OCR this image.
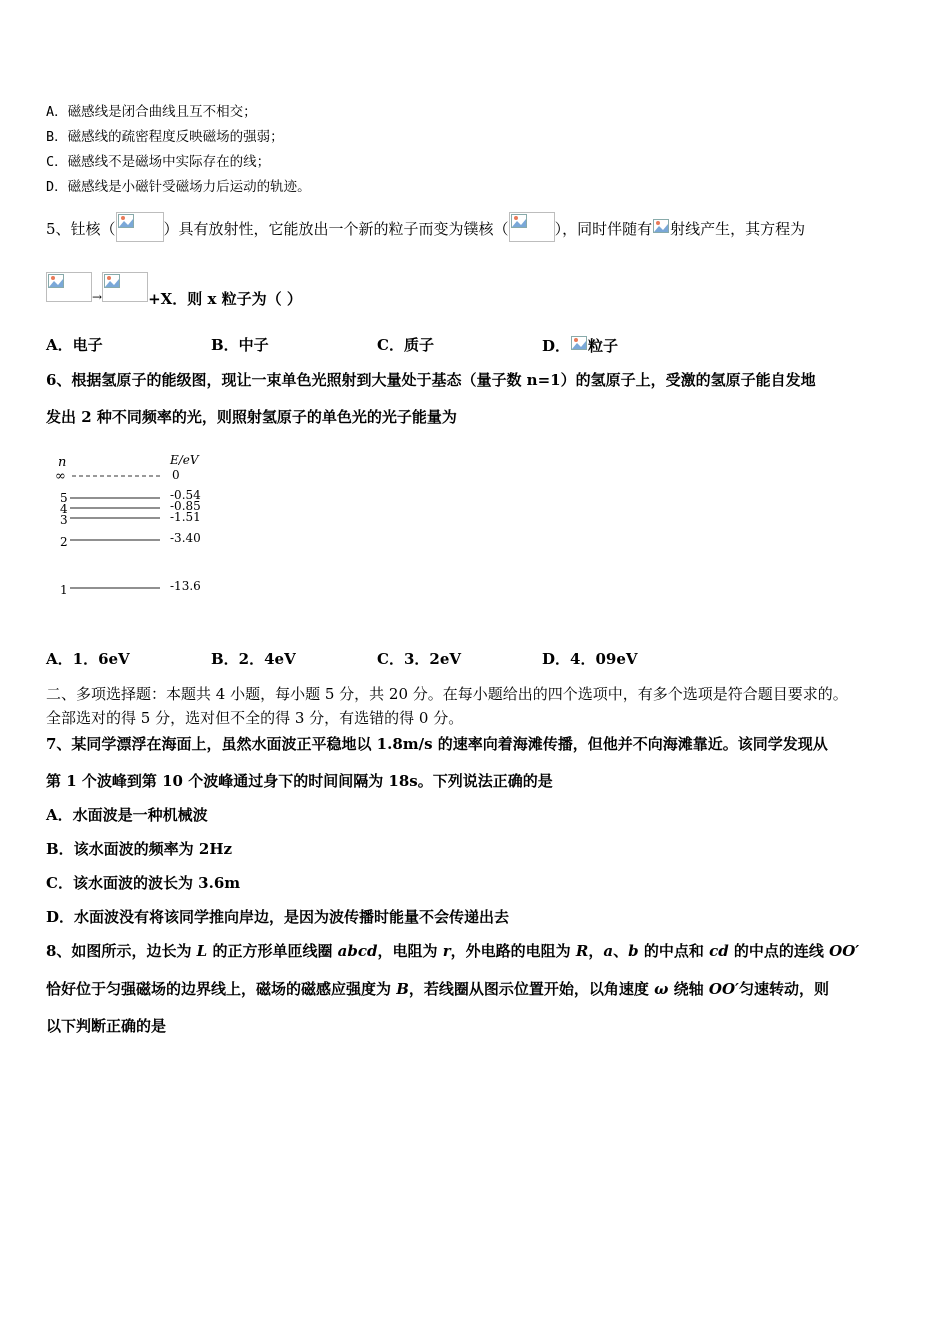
A．磁感线是闭合曲线且互不相交；
B．磁感线的疏密程度反映磁场的强弱；
C．磁感线不是磁场中实际存在的线；
D．磁感线是小磁针受磁场力后运动的轨迹。
5、钍核（	）具有放射性，它能放出一个新的粒子而变为镤核（	），同时伴随有 射线产生，其方程为
→	+X．则 x 粒子为（ ）
A．电子	B．中子	C．质子	D． 粒子
6、根据氢原子的能级图，现让一束单色光照射到大量处于基态（量子数 n=1）的氢原子上，受激的氢原子能自发地
发出 2 种不同频率的光，则照射氢原子的单色光的光子能量为
n	E/eV
∞	0
5	-0.54
4	-0.85
3	-1.51
2	-3.40
1	-13.6
A．1．6eV	B．2．4eV	C．3．2eV	D．4．09eV
二、多项选择题：本题共 4 小题，每小题 5 分，共 20 分。在每小题给出的四个选项中，有多个选项是符合题目要求的。
全部选对的得 5 分，选对但不全的得 3 分，有选错的得 0 分。
7、某同学漂浮在海面上，虽然水面波正平稳地以 1.8m/s 的速率向着海滩传播，但他并不向海滩靠近。该同学发现从
第 1 个波峰到第 10 个波峰通过身下的时间间隔为 18s。下列说法正确的是
A．水面波是一种机械波
B．该水面波的频率为 2Hz
C．该水面波的波长为 3.6m
D．水面波没有将该同学推向岸边，是因为波传播时能量不会传递出去
8、如图所示，边长为 L 的正方形单匝线圈 abcd，电阻为 r，外电路的电阻为 R，a、b 的中点和 cd 的中点的连线 OO′
恰好位于匀强磁场的边界线上，磁场的磁感应强度为 B，若线圈从图示位置开始，以角速度 ω 绕轴 OO′匀速转动，则
以下判断正确的是
